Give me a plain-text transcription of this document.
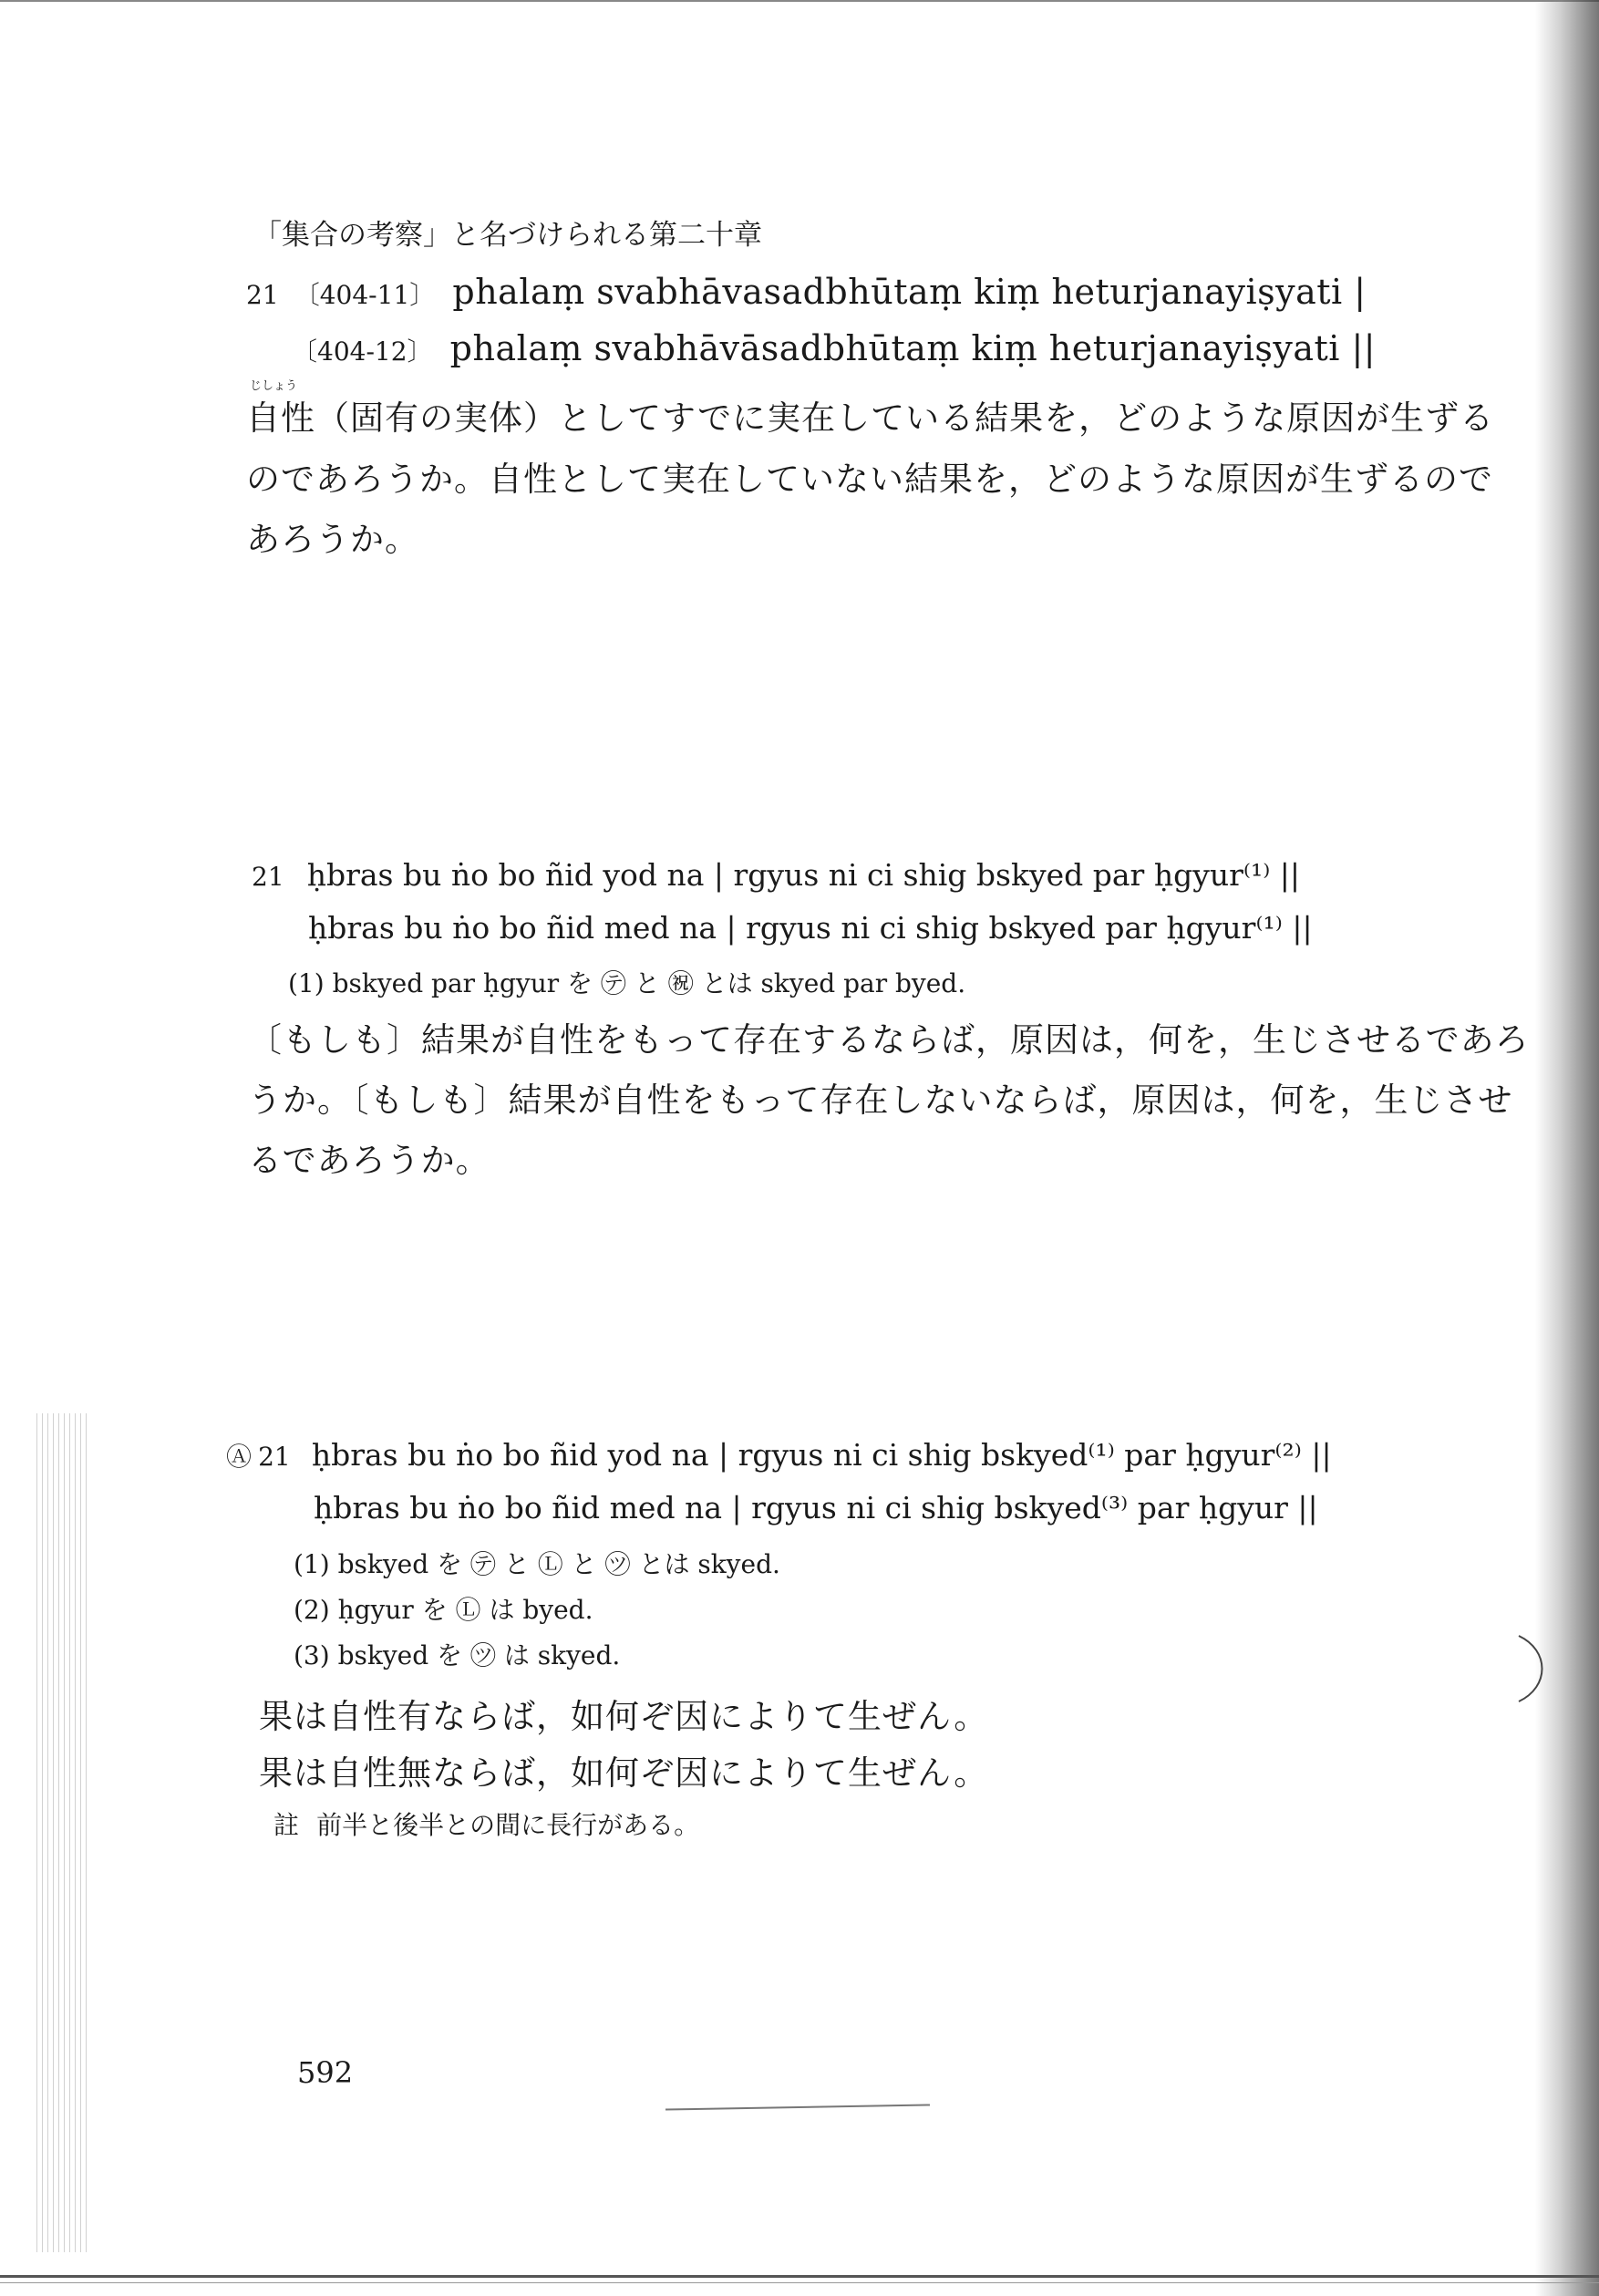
「集合の考察」と名づけられる第二十章
21 〔404-11〕 phalaṃ svabhāvasadbhūtaṃ kiṃ heturjanayiṣyati |
〔404-12〕 phalaṃ svabhāvāsadbhūtaṃ kiṃ heturjanayiṣyati ||
じしょう
自性（固有の実体）としてすでに実在している結果を，どのような原因が生ずる
のであろうか。自性として実在していない結果を，どのような原因が生ずるので
あろうか。
21 ḥbras bu ṅo bo ñid yod na | rgyus ni ci shig bskyed par ḥgyur⁽¹⁾ ||
ḥbras bu ṅo bo ñid med na | rgyus ni ci shig bskyed par ḥgyur⁽¹⁾ ||
(1) bskyed par ḥgyur を ㋢ と ㊗ とは skyed par byed.
〔もしも〕結果が自性をもって存在するならば，原因は，何を，生じさせるであろ
うか。〔もしも〕結果が自性をもって存在しないならば，原因は，何を，生じさせ
るであろうか。
Ⓐ 21 ḥbras bu ṅo bo ñid yod na | rgyus ni ci shig bskyed⁽¹⁾ par ḥgyur⁽²⁾ ||
ḥbras bu ṅo bo ñid med na | rgyus ni ci shig bskyed⁽³⁾ par ḥgyur ||
(1) bskyed を ㋢ と Ⓛ と ㋡ とは skyed.
(2) ḥgyur を Ⓛ は byed.
(3) bskyed を ㋡ は skyed.
果は自性有ならば，如何ぞ因によりて生ぜん。
果は自性無ならば，如何ぞ因によりて生ぜん。
註 前半と後半との間に長行がある。
592
